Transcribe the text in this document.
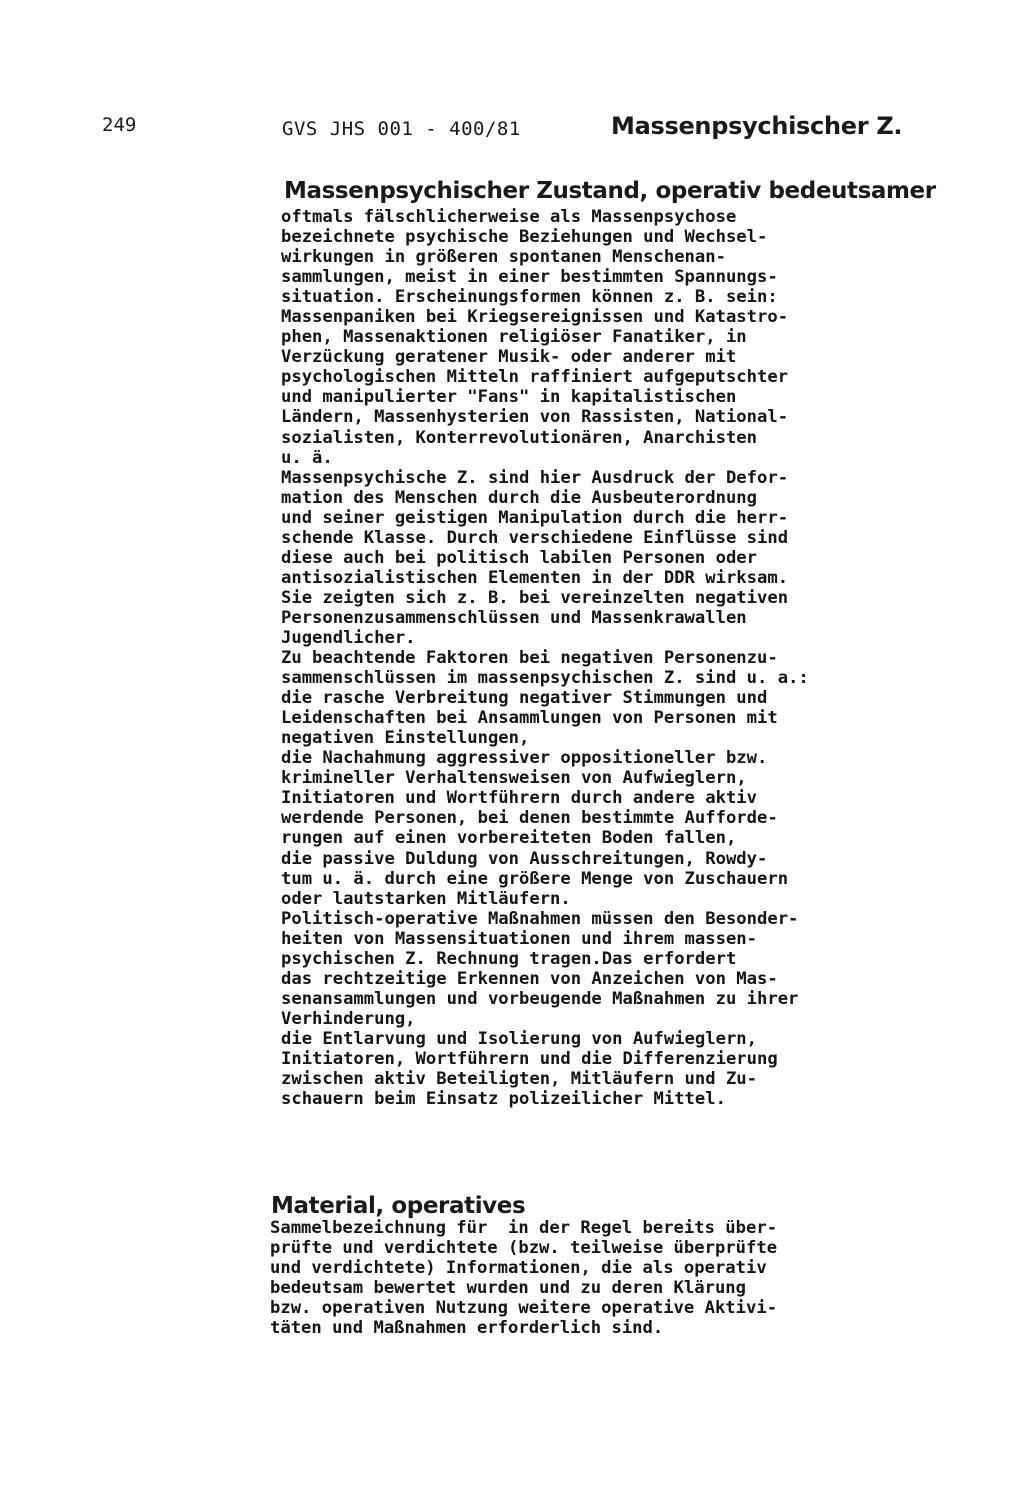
249	GVS JHS 001 - 400/81	Massenpsychischer Z.
Massenpsychischer Zustand, operativ bedeutsamer
oftmals fälschlicherweise als Massenpsychose
bezeichnete psychische Beziehungen und Wechsel-
wirkungen in größeren spontanen Menschenan-
sammlungen, meist in einer bestimmten Spannungs-
situation. Erscheinungsformen können z. B. sein:
Massenpaniken bei Kriegsereignissen und Katastro-
phen, Massenaktionen religiöser Fanatiker, in
Verzückung geratener Musik- oder anderer mit
psychologischen Mitteln raffiniert aufgeputschter
und manipulierter "Fans" in kapitalistischen
Ländern, Massenhysterien von Rassisten, National-
sozialisten, Konterrevolutionären, Anarchisten
u. ä.
Massenpsychische Z. sind hier Ausdruck der Defor-
mation des Menschen durch die Ausbeuterordnung
und seiner geistigen Manipulation durch die herr-
schende Klasse. Durch verschiedene Einflüsse sind
diese auch bei politisch labilen Personen oder
antisozialistischen Elementen in der DDR wirksam.
Sie zeigten sich z. B. bei vereinzelten negativen
Personenzusammenschlüssen und Massenkrawallen
Jugendlicher.
Zu beachtende Faktoren bei negativen Personenzu-
sammenschlüssen im massenpsychischen Z. sind u. a.:
die rasche Verbreitung negativer Stimmungen und
Leidenschaften bei Ansammlungen von Personen mit
negativen Einstellungen,
die Nachahmung aggressiver oppositioneller bzw.
krimineller Verhaltensweisen von Aufwieglern,
Initiatoren und Wortführern durch andere aktiv
werdende Personen, bei denen bestimmte Aufforde-
rungen auf einen vorbereiteten Boden fallen,
die passive Duldung von Ausschreitungen, Rowdy-
tum u. ä. durch eine größere Menge von Zuschauern
oder lautstarken Mitläufern.
Politisch-operative Maßnahmen müssen den Besonder-
heiten von Massensituationen und ihrem massen-
psychischen Z. Rechnung tragen.Das erfordert
das rechtzeitige Erkennen von Anzeichen von Mas-
senansammlungen und vorbeugende Maßnahmen zu ihrer
Verhinderung,
die Entlarvung und Isolierung von Aufwieglern,
Initiatoren, Wortführern und die Differenzierung
zwischen aktiv Beteiligten, Mitläufern und Zu-
schauern beim Einsatz polizeilicher Mittel.
Material, operatives
Sammelbezeichnung für  in der Regel bereits über-
prüfte und verdichtete (bzw. teilweise überprüfte
und verdichtete) Informationen, die als operativ
bedeutsam bewertet wurden und zu deren Klärung
bzw. operativen Nutzung weitere operative Aktivi-
täten und Maßnahmen erforderlich sind.
